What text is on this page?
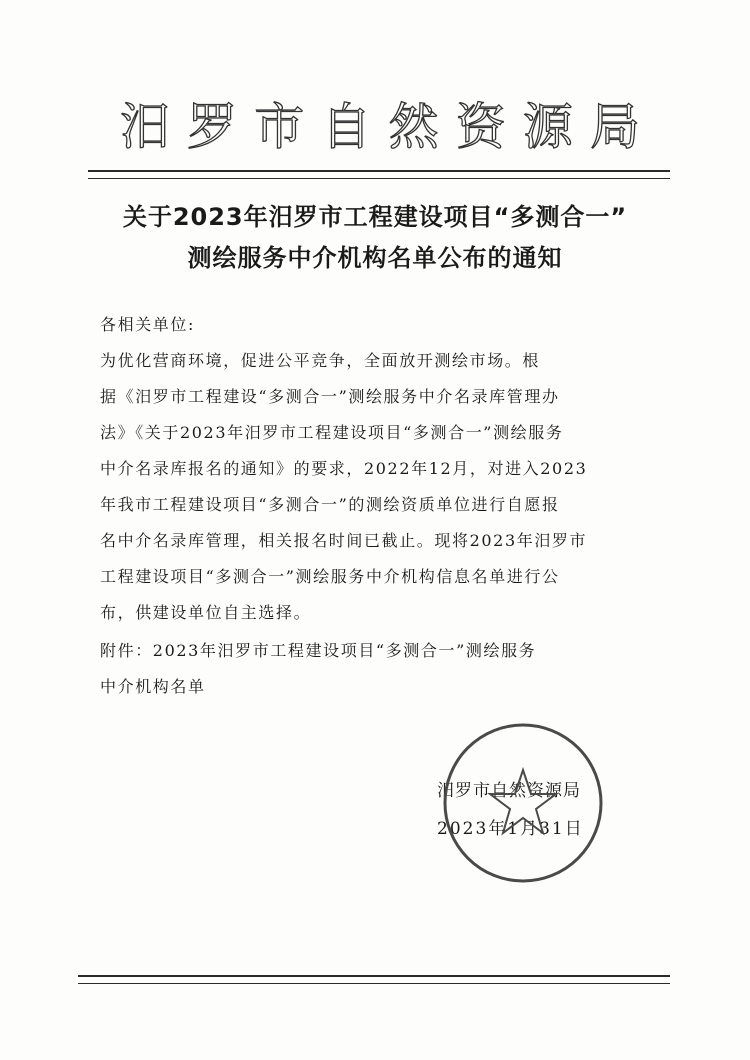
汨 罗 市 自 然 资 源 局
关于2023年汨罗市工程建设项目“多测合一”
测绘服务中介机构名单公布的通知
各相关单位:
为优化营商环境，促进公平竞争，全面放开测绘市场。根
据《汨罗市工程建设“多测合一”测绘服务中介名录库管理办
法》《关于2023年汨罗市工程建设项目“多测合一”测绘服务
中介名录库报名的通知》的要求，2022年12月，对进入2023
年我市工程建设项目“多测合一”的测绘资质单位进行自愿报
名中介名录库管理，相关报名时间已截止。现将2023年汨罗市
工程建设项目“多测合一”测绘服务中介机构信息名单进行公
布，供建设单位自主选择。
附件：2023年汨罗市工程建设项目“多测合一”测绘服务
中介机构名单
汨罗市自然资源局
2023年1月31日
